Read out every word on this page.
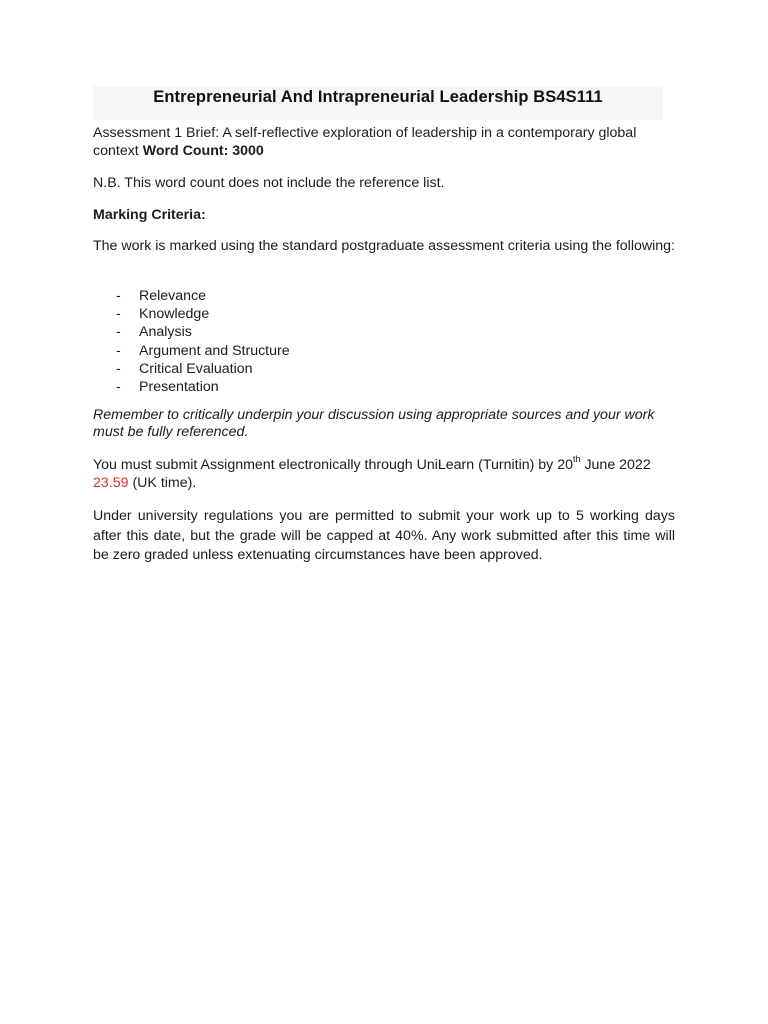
Entrepreneurial And Intrapreneurial Leadership BS4S111

Assessment 1 Brief: A self-reflective exploration of leadership in a contemporary global context Word Count: 3000

N.B. This word count does not include the reference list.

Marking Criteria:

The work is marked using the standard postgraduate assessment criteria using the following:

- Relevance
- Knowledge
- Analysis
- Argument and Structure
- Critical Evaluation
- Presentation

Remember to critically underpin your discussion using appropriate sources and your work must be fully referenced.

You must submit Assignment electronically through UniLearn (Turnitin) by 20th June 2022 23.59 (UK time).

Under university regulations you are permitted to submit your work up to 5 working days after this date, but the grade will be capped at 40%. Any work submitted after this time will be zero graded unless extenuating circumstances have been approved.
